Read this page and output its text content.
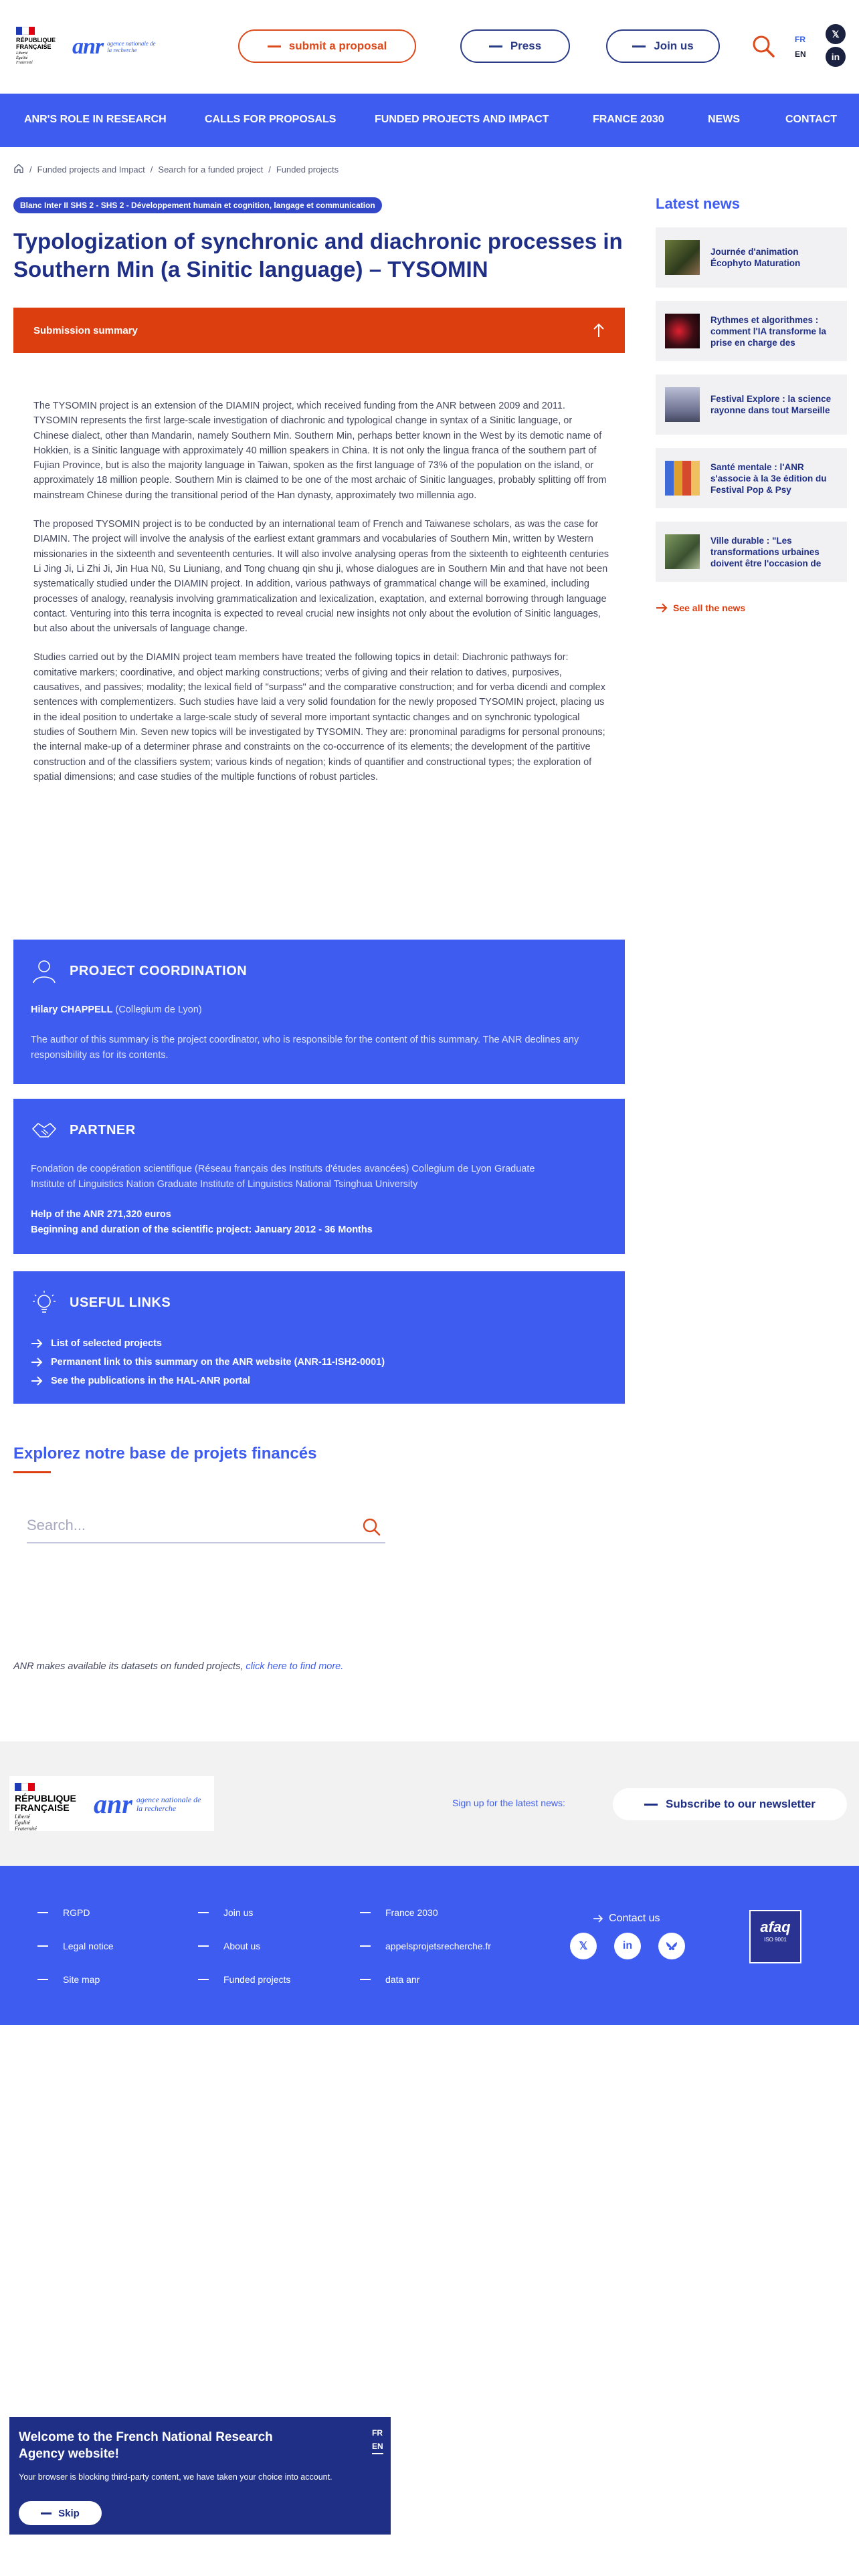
RÉPUBLIQUE
FRANÇAISE
Liberté
Égalité
Fraternité
anr agence nationale de la recherche	submit a proposal	Press	Join us	FR
EN
𝕏
in
ANR'S ROLE IN RESEARCH	CALLS FOR PROPOSALS	FUNDED PROJECTS AND IMPACT	FRANCE 2030	NEWS	CONTACT
/ Funded projects and Impact / Search for a funded project / Funded projects
Blanc Inter II SHS 2 - SHS 2 - Développement humain et cognition, langage et communication
Typologization of synchronic and diachronic processes in Southern Min (a Sinitic language) – TYSOMIN
Submission summary

The TYSOMIN project is an extension of the DIAMIN project, which received funding from the ANR between 2009 and 2011. TYSOMIN represents the first large-scale investigation of diachronic and typological change in syntax of a Sinitic language, or Chinese dialect, other than Mandarin, namely Southern Min. Southern Min, perhaps better known in the West by its demotic name of Hokkien, is a Sinitic language with approximately 40 million speakers in China. It is not only the lingua franca of the southern part of Fujian Province, but is also the majority language in Taiwan, spoken as the first language of 73% of the population on the island, or approximately 18 million people. Southern Min is claimed to be one of the most archaic of Sinitic languages, probably splitting off from mainstream Chinese during the transitional period of the Han dynasty, approximately two millennia ago.

The proposed TYSOMIN project is to be conducted by an international team of French and Taiwanese scholars, as was the case for DIAMIN. The project will involve the analysis of the earliest extant grammars and vocabularies of Southern Min, written by Western missionaries in the sixteenth and seventeenth centuries. It will also involve analysing operas from the sixteenth to eighteenth centuries Li Jing Ji, Li Zhi Ji, Jin Hua Nü, Su Liuniang, and Tong chuang qin shu ji, whose dialogues are in Southern Min and that have not been systematically studied under the DIAMIN project. In addition, various pathways of grammatical change will be examined, including processes of analogy, reanalysis involving grammaticalization and lexicalization, exaptation, and external borrowing through language contact. Venturing into this terra incognita is expected to reveal crucial new insights not only about the evolution of Sinitic languages, but also about the universals of language change.

Studies carried out by the DIAMIN project team members have treated the following topics in detail: Diachronic pathways for: comitative markers; coordinative, and object marking constructions; verbs of giving and their relation to datives, purposives, causatives, and passives; modality; the lexical field of "surpass" and the comparative construction; and for verba dicendi and complex sentences with complementizers. Such studies have laid a very solid foundation for the newly proposed TYSOMIN project, placing us in the ideal position to undertake a large-scale study of several more important syntactic changes and on synchronic typological studies of Southern Min. Seven new topics will be investigated by TYSOMIN. They are: pronominal paradigms for personal pronouns; the internal make-up of a determiner phrase and constraints on the co-occurrence of its elements; the development of the partitive construction and of the classifiers system; various kinds of negation; kinds of quantifier and constructional types; the exploration of spatial dimensions; and case studies of the multiple functions of robust particles.

PROJECT COORDINATION

Hilary CHAPPELL (Collegium de Lyon)

The author of this summary is the project coordinator, who is responsible for the content of this summary. The ANR declines any responsibility as for its contents.

PARTNER

Fondation de coopération scientifique (Réseau français des Instituts d'études avancées) Collegium de Lyon Graduate Institute of Linguistics Nation Graduate Institute of Linguistics National Tsinghua University

Help of the ANR 271,320 euros

Beginning and duration of the scientific project: January 2012 - 36 Months

USEFUL LINKS
List of selected projects
Permanent link to this summary on the ANR website (ANR-11-ISH2-0001)
See the publications in the HAL-ANR portal
Explorez notre base de projets financés
Search...
ANR makes available its datasets on funded projects, click here to find more.
Latest news
Journée d'animation Écophyto Maturation
Rythmes et algorithmes : comment l'IA transforme la prise en charge des
Festival Explore : la science rayonne dans tout Marseille
Santé mentale : l'ANR s'associe à la 3e édition du Festival Pop & Psy
Ville durable : "Les transformations urbaines doivent être l'occasion de
See all the news
RÉPUBLIQUE
FRANÇAISE
Liberté
Égalité
Fraternité
anr agence nationale de la recherche	Sign up for the latest news:	Subscribe to our newsletter
RGPD
Legal notice
Site map
Join us
About us
Funded projects
France 2030
appelsprojetsrecherche.fr
data anr
Contact us
𝕏	in
afaq
ISO 9001
Welcome to the French National Research Agency website!

Your browser is blocking third-party content, we have taken your choice into account.

FR
EN
Skip
